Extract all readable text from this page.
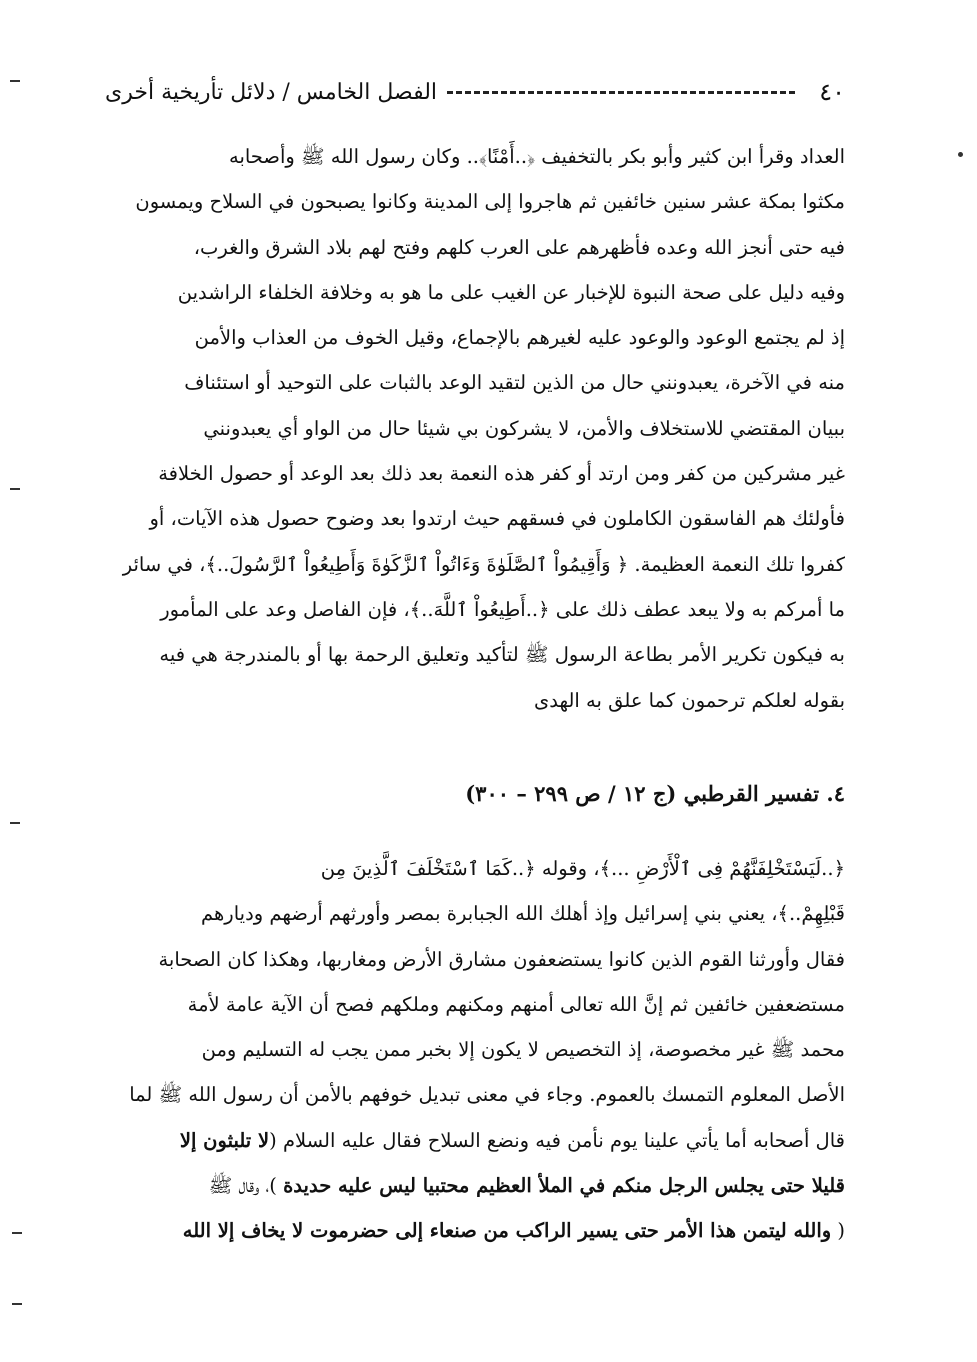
٤٠
الفصل الخامس / دلائل تأريخية أخرى
العداد وقرأ ابن كثير وأبو بكر بالتخفيف ﴿..أَمْنًا﴾.. وكان رسول الله ﷺ وأصحابه
مكثوا بمكة عشر سنين خائفين ثم هاجروا إلى المدينة وكانوا يصبحون في السلاح ويمسون
فيه حتى أنجز الله وعده فأظهرهم على العرب كلهم وفتح لهم بلاد الشرق والغرب،
وفيه دليل على صحة النبوة للإخبار عن الغيب على ما هو به وخلافة الخلفاء الراشدين
إذ لم يجتمع الوعود والوعود عليه لغيرهم بالإجماع، وقيل الخوف من العذاب والأمن
منه في الآخرة، يعبدونني حال من الذين لتقيد الوعد بالثبات على التوحيد أو استئناف
ببيان المقتضي للاستخلاف والأمن، لا يشركون بي شيئا حال من الواو أي يعبدونني
غير مشركين من كفر ومن ارتد أو كفر هذه النعمة بعد ذلك بعد الوعد أو حصول الخلافة
فأولئك هم الفاسقون الكاملون في فسقهم حيث ارتدوا بعد وضوح حصول هذه الآيات، أو
كفروا تلك النعمة العظيمة. ﴿ وَأَقِيمُواْ ٱلصَّلَوٰةَ وَءَاتُواْ ٱلزَّكَوٰةَ وَأَطِيعُواْ ٱلرَّسُولَ..﴾، في سائر
ما أمركم به ولا يبعد عطف ذلك على ﴿..أَطِيعُواْ ٱللَّهَ..﴾، فإن الفاصل وعد على المأمور
به فيكون تكرير الأمر بطاعة الرسول ﷺ لتأكيد وتعليق الرحمة بها أو بالمندرجة هي فيه
بقوله لعلكم ترحمون كما علق به الهدى
٤. تفسير القرطبي (ج ١٢ / ص ٢٩٩ – ٣٠٠)
﴿..لَيَسْتَخْلِفَنَّهُمْ فِى ٱلْأَرْضِ ...﴾، وقوله ﴿..كَمَا ٱسْتَخْلَفَ ٱلَّذِينَ مِن
قَبْلِهِمْ..﴾، يعني بني إسرائيل وإذ أهلك الله الجبابرة بمصر وأورثهم أرضهم وديارهم
فقال وأورثنا القوم الذين كانوا يستضعفون مشارق الأرض ومغاربها، وهكذا كان الصحابة
مستضعفين خائفين ثم إنَّ الله تعالى أمنهم ومكنهم وملكهم فصح أن الآية عامة لأمة
محمد ﷺ غير مخصوصة، إذ التخصيص لا يكون إلا بخبر ممن يجب له التسليم ومن
الأصل المعلوم التمسك بالعموم. وجاء في معنى تبديل خوفهم بالأمن أن رسول الله ﷺ لما
قال أصحابه أما يأتي علينا يوم نأمن فيه ونضع السلاح فقال عليه السلام (لا تلبثون إلا
قليلا حتى يجلس الرجل منكم في الملأ العظيم محتبيا ليس عليه حديدة )، وقال ﷺ
( والله ليتمن هذا الأمر حتى يسير الراكب من صنعاء إلى حضرموت لا يخاف إلا الله
